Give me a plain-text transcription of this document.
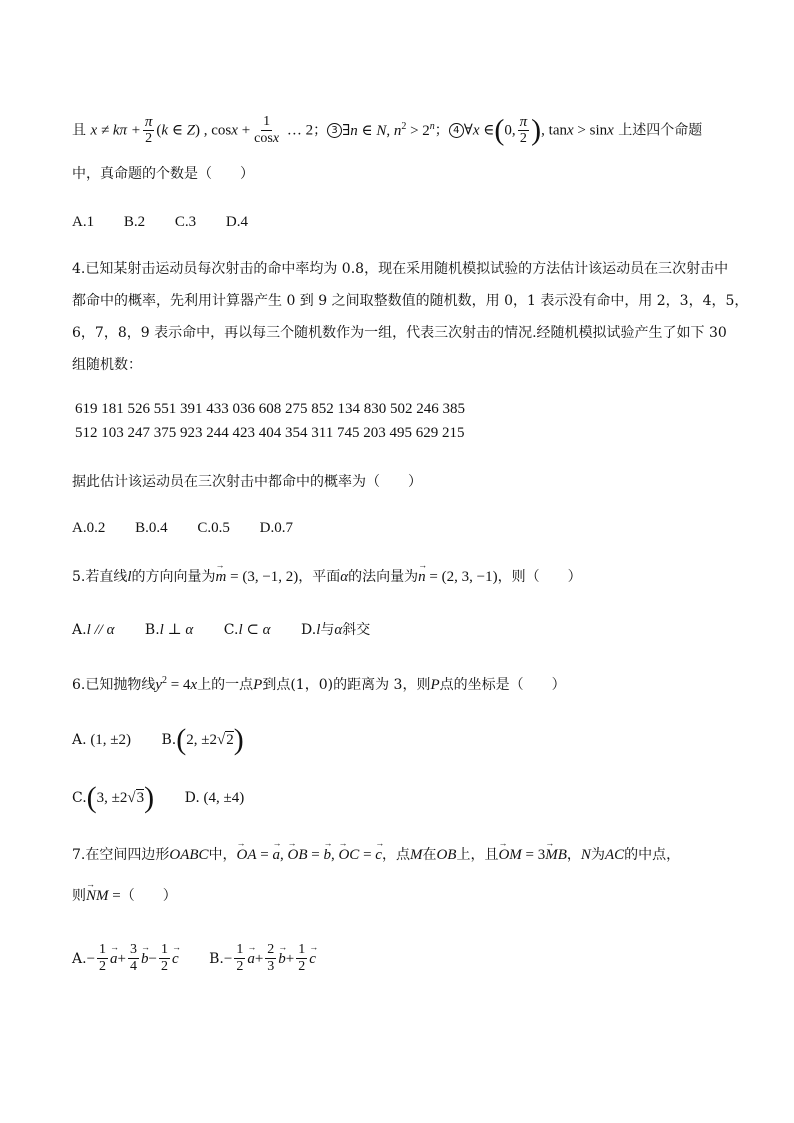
且 $x \ne k\pi + \frac{\pi}{2} (k$ ∈ Z) , $\cos x + \frac{1}{\cos x}$ … 2； 3 ∃n ∈ N, $n^2 > 2^n$； 4 ∀x ∈(0, $\frac{\pi}{2}$ ), tanx > sinx 上述四个命题
中，真命题的个数是（　　）
A.1 B.2 C.3 D.4
4.已知某射击运动员每次射击的命中率均为 0.8，现在采用随机模拟试验的方法估计该运动员在三次射击中
都命中的概率，先利用计算器产生 0 到 9 之间取整数值的随机数，用 0，1 表示没有命中，用 2，3，4，5，
6，7，8，9 表示命中，再以每三个随机数作为一组，代表三次射击的情况.经随机模拟试验产生了如下 30
组随机数：
619 181 526 551 391 433 036 608 275 852 134 830 502 246 385
512 103 247 375 923 244 423 404 354 311 745 203 495 629 215
据此估计该运动员在三次射击中都命中的概率为（　　）
A.0.2 B.0.4 C.0.5 D.0.7
5.若直线l的方向向量为→ m = (3, −1, 2)，平面α的法向量为→ n = (2, 3, −1)，则（　　）
A.l // α B.l ⊥ α C.l ⊂ α D.l与α斜交
6.已知抛物线$y^2 = 4x$上的一点P到点(1，0)的距离为 3，则P点的坐标是（　　）
A. (1, ±2) B.(2, ±2√2)
C.(3, ±2√3) D. (4, ±4)
7.在空间四边形OABC中，→ OA = → a, → OB = → b, → OC = → c，点M在OB上，且→ OM = 3→ MB，N为AC的中点，
则→ NM =（　　）
$A.- \frac{1}{2}$
→ $a+ \frac{3}{4}$
→ $b- \frac{1}{2}$
→ c $B.- \frac{1}{2}$
→ $a+ \frac{2}{3}$
→ $b+ \frac{1}{2}$
→ c
